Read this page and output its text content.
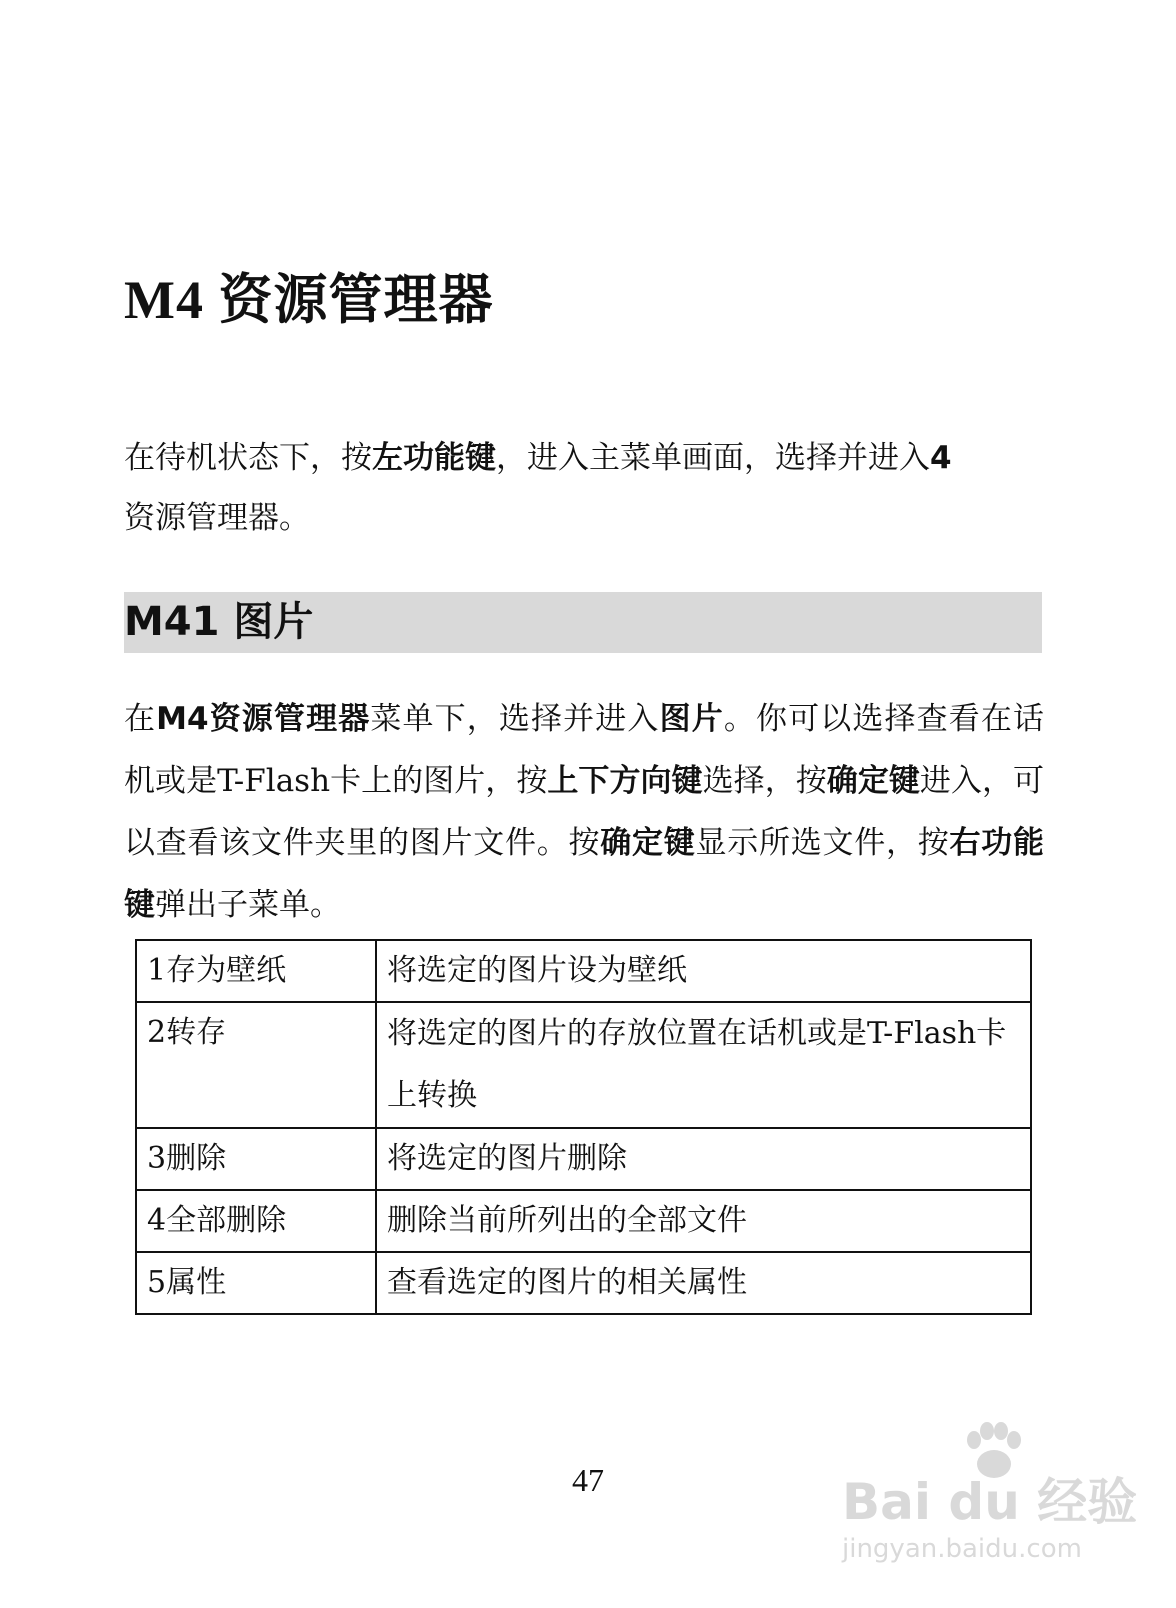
M4 资源管理器

在待机状态下，按左功能键，进入主菜单画面，选择并进入4
资源管理器。

M41 图片

在M4资源管理器菜单下，选择并进入图片。你可以选择查看在话机或是T-Flash卡上的图片，按上下方向键选择，按确定键进入，可以查看该文件夹里的图片文件。按确定键显示所选文件，按右功能键弹出子菜单。

1存为壁纸	将选定的图片设为壁纸
2转存	将选定的图片的存放位置在话机或是T-Flash卡上转换
3删除	将选定的图片删除
4全部删除	删除当前所列出的全部文件
5属性	查看选定的图片的相关属性
47	Bai du 经验
jingyan.baidu.com
